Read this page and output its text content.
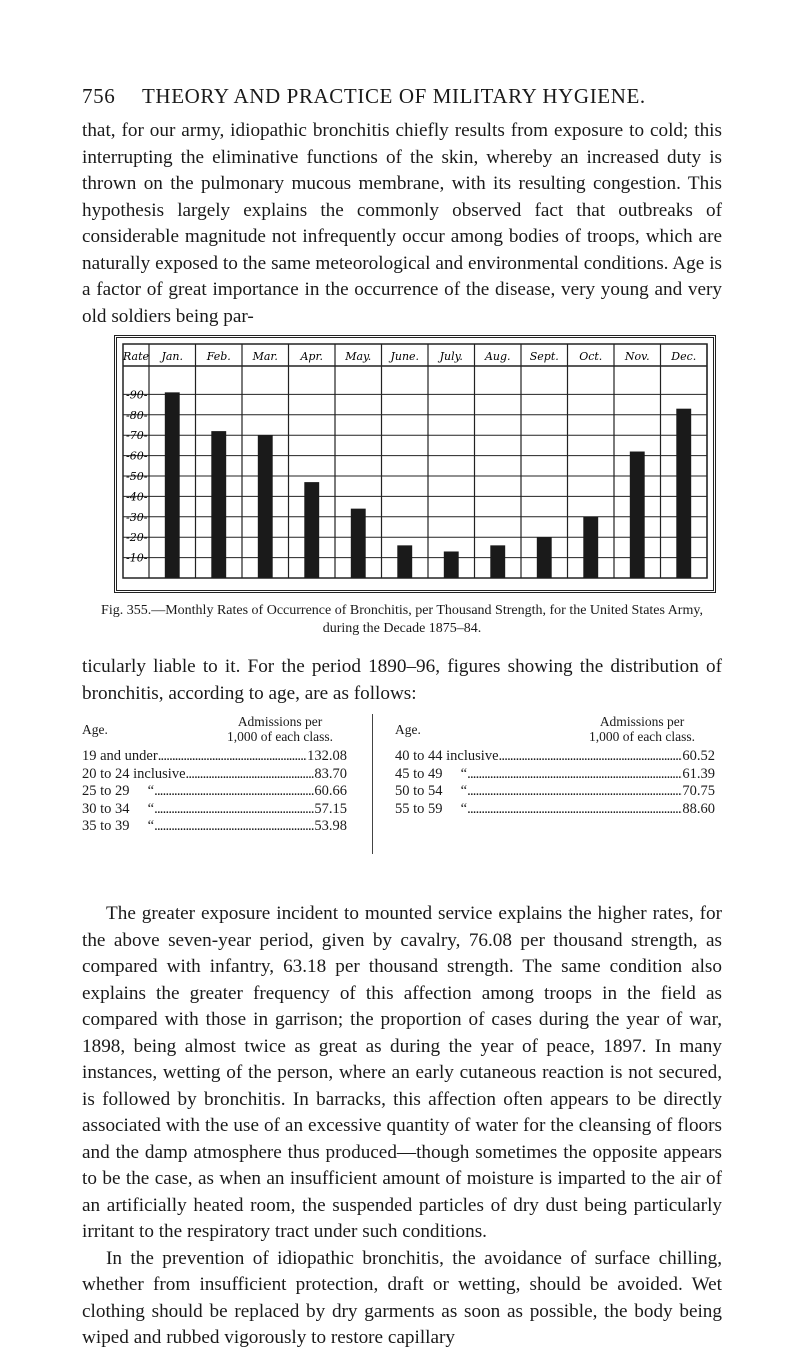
756 THEORY AND PRACTICE OF MILITARY HYGIENE.

that, for our army, idiopathic bronchitis chiefly results from exposure to cold; this interrupting the eliminative functions of the skin, whereby an increased duty is thrown on the pulmonary mucous membrane, with its resulting congestion. This hypothesis largely explains the commonly observed fact that outbreaks of considerable magnitude not infrequently occur among bodies of troops, which are naturally exposed to the same meteorological and environmental conditions. Age is a factor of great importance in the occurrence of the disease, very young and very old soldiers being par-

Rate
-90-
-80-
-70-
-60-
-50-
-40-
-30-
-20-
-10-
Jan. Feb. Mar. Apr. May. June. July. Aug. Sept. Oct. Nov. Dec.
Fig. 355.—Monthly Rates of Occurrence of Bronchitis, per Thousand Strength, for the United States Army, during the Decade 1875–84.

ticularly liable to it. For the period 1890–96, figures showing the distribution of bronchitis, according to age, are as follows:

Age.
Admissions per
1,000 of each class.
19 and under . . .	132.08
20 to 24 inclusive . . .	83.70
25 to 29     “ . . .	60.66
30 to 34     “ . . .	57.15
35 to 39     “ . . .	53.98
Age.
Admissions per
1,000 of each class.
40 to 44 inclusive . . .	60.52
45 to 49     “ . . .	61.39
50 to 54     “ . . .	70.75
55 to 59     “ . . .	88.60

The greater exposure incident to mounted service explains the higher rates, for the above seven-year period, given by cavalry, 76.08 per thousand strength, as compared with infantry, 63.18 per thousand strength. The same condition also explains the greater frequency of this affection among troops in the field as compared with those in garrison; the proportion of cases during the year of war, 1898, being almost twice as great as during the year of peace, 1897. In many instances, wetting of the person, where an early cutaneous reaction is not secured, is followed by bronchitis. In barracks, this affection often appears to be directly associated with the use of an excessive quantity of water for the cleansing of floors and the damp atmosphere thus produced—though sometimes the opposite appears to be the case, as when an insufficient amount of moisture is imparted to the air of an artificially heated room, the suspended particles of dry dust being particularly irritant to the respiratory tract under such conditions.

In the prevention of idiopathic bronchitis, the avoidance of surface chilling, whether from insufficient protection, draft or wetting, should be avoided. Wet clothing should be replaced by dry garments as soon as possible, the body being wiped and rubbed vigorously to restore capillary
